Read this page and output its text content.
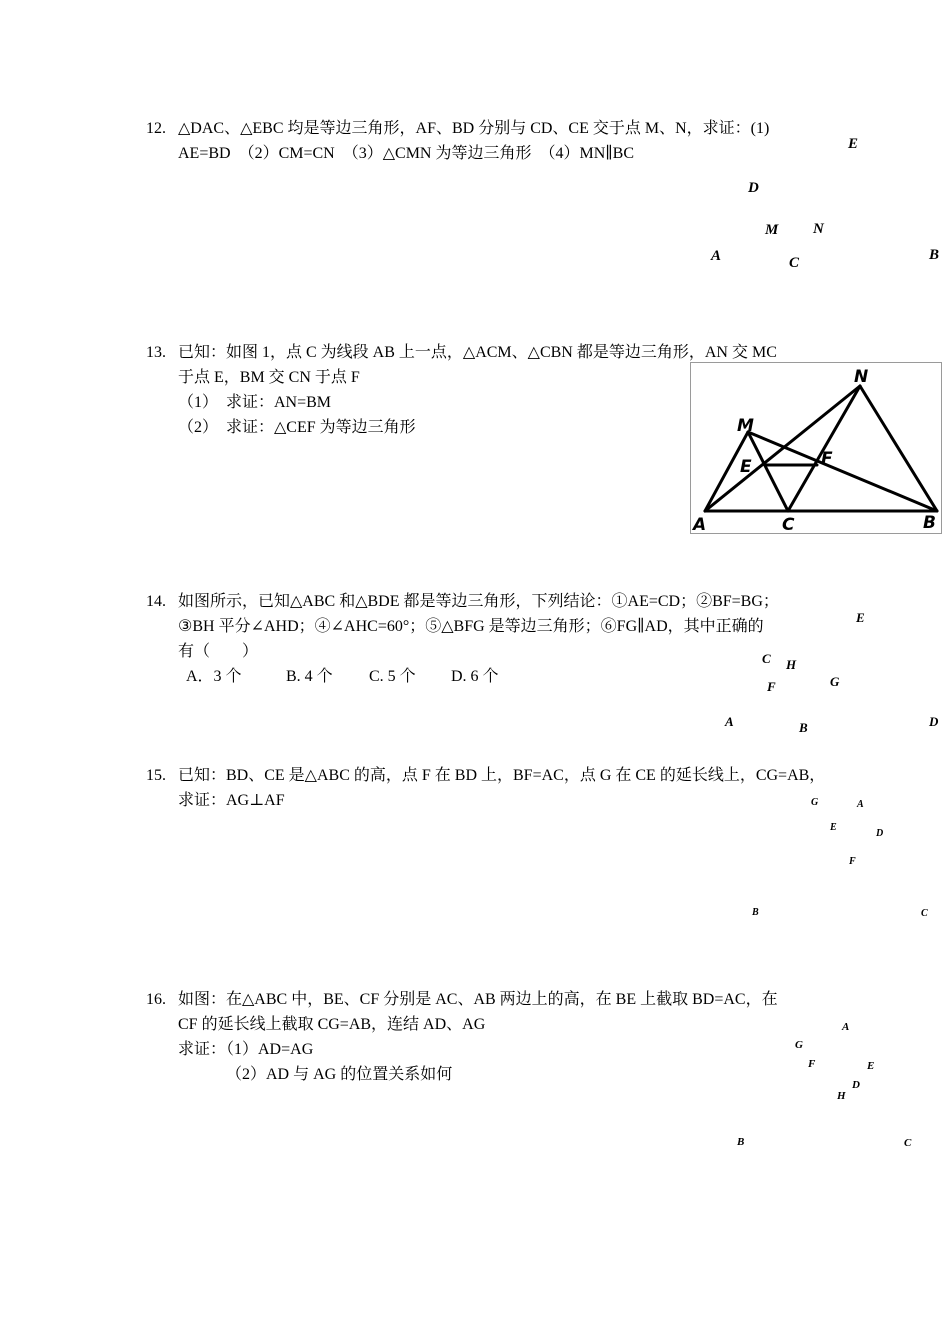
12. △DAC、△EBC 均是等边三角形，AF、BD 分别与 CD、CE 交于点 M、N，求证：(1)
AE=BD　（2）CM=CN　（3）△CMN 为等边三角形　（4）MN∥BC
E
D
M N
A	C	B
13. 已知：如图 1，点 C 为线段 AB 上一点，△ACM、△CBN 都是等边三角形，AN 交 MC
于点 E，BM 交 CN 于点 F
（1）　求证：AN=BM
（2）　求证：△CEF 为等边三角形
N
M
E	F
A	C	B
14. 如图所示，已知△ABC 和△BDE 都是等边三角形，下列结论：①AE=CD；②BF=BG；
③BH 平分∠AHD；④∠AHC=60°；⑤△BFG 是等边三角形；⑥FG∥AD，其中正确的
有（　　）
A．3 个	B. 4 个 C. 5 个 D. 6 个
E
C H
F	G
A	B	D
15. 已知：BD、CE 是△ABC 的高，点 F 在 BD 上，BF=AC，点 G 在 CE 的延长线上，CG=AB，
求证：AG⊥AF	G	A
E
D
F
B	C
16. 如图：在△ABC 中，BE、CF 分别是 AC、AB 两边上的高，在 BE 上截取 BD=AC，在
CF 的延长线上截取 CG=AB，连结 AD、AG
求证：（1）AD=AG
（2）AD 与 AG 的位置关系如何
A
G
F	E
D
H
B	C
